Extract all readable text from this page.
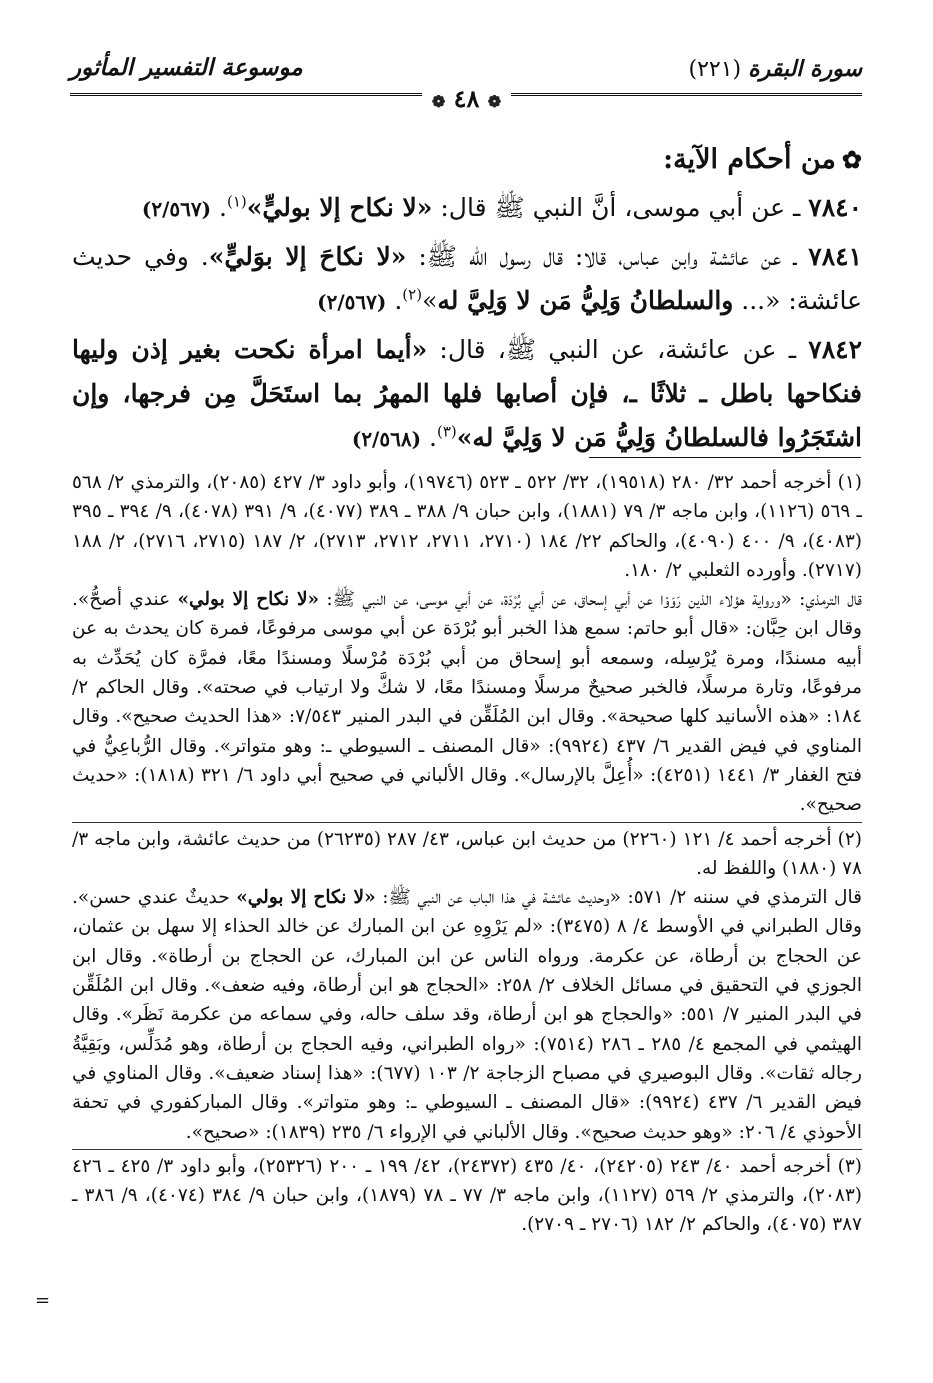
سورة البقرة (٢٢١)
موسوعة التفسير المأثور
❁ ٤٨ ❁
✿من أحكام الآية:

٧٨٤٠ ـ عن أبي موسى، أنَّ النبي ﷺ قال: «لا نكاح إلا بوليٍّ»$^{(١)}$. (٢/٥٦٧)

٧٨٤١ ـ عن عائشة وابن عباس، قالا: قال رسول الله ﷺ: «لا نكاحَ إلا بوَليٍّ». وفي حديث عائشة: «... والسلطانُ وَلِيُّ مَن لا وَلِيَّ له»$^{(٢)}$. (٢/٥٦٧)

٧٨٤٢ ـ عن عائشة، عن النبي ﷺ، قال: «أيما امرأة نكحت بغير إذن وليها فنكاحها باطل ـ ثلاثًا ـ، فإن أصابها فلها المهرُ بما استَحَلَّ مِن فرجها، وإن اشتَجَرُوا فالسلطانُ وَلِيُّ مَن لا وَلِيَّ له»$^{(٣)}$. (٢/٥٦٨)

(١) أخرجه أحمد ٣٢/ ٢٨٠ (١٩٥١٨)، ٣٢/ ٥٢٢ ـ ٥٢٣ (١٩٧٤٦)، وأبو داود ٣/ ٤٢٧ (٢٠٨٥)، والترمذي ٢/ ٥٦٨ ـ ٥٦٩ (١١٢٦)، وابن ماجه ٣/ ٧٩ (١٨٨١)، وابن حبان ٩/ ٣٨٨ ـ ٣٨٩ (٤٠٧٧)، ٩/ ٣٩١ (٤٠٧٨)، ٩/ ٣٩٤ ـ ٣٩٥ (٤٠٨٣)، ٩/ ٤٠٠ (٤٠٩٠)، والحاكم ٢٢/ ١٨٤ (٢٧١٠، ٢٧١١، ٢٧١٢، ٢٧١٣)، ٢/ ١٨٧ (٢٧١٥، ٢٧١٦)، ٢/ ١٨٨ (٢٧١٧). وأورده الثعلبي ٢/ ١٨٠.

قال الترمذي: «ورواية هؤلاء الذين رَوَوْا عن أبي إسحاق، عن أبي بُرْدَة، عن أبي موسى، عن النبي ﷺ: «لا نكاح إلا بولي» عندي أصحُّ». وقال ابن حِبَّان: «قال أبو حاتم: سمع هذا الخبر أبو بُرْدَة عن أبي موسى مرفوعًا، فمرة كان يحدث به عن أبيه مسندًا، ومرة يُرْسِله، وسمعه أبو إسحاق من أبي بُرْدَة مُرْسلًا ومسندًا معًا، فمرَّة كان يُحَدِّث به مرفوعًا، وتارة مرسلًا، فالخبر صحيحٌ مرسلًا ومسندًا معًا، لا شكَّ ولا ارتياب في صحته». وقال الحاكم ٢/ ١٨٤: «هذه الأسانيد كلها صحيحة». وقال ابن المُلَقِّن في البدر المنير ٧/٥٤٣: «هذا الحديث صحيح». وقال المناوي في فيض القدير ٦/ ٤٣٧ (٩٩٢٤): «قال المصنف ـ السيوطي ـ: وهو متواتر». وقال الرُّباعِيُّ في فتح الغفار ٣/ ١٤٤١ (٤٢٥١): «أُعِلَّ بالإرسال». وقال الألباني في صحيح أبي داود ٦/ ٣٢١ (١٨١٨): «حديث صحيح».

(٢) أخرجه أحمد ٤/ ١٢١ (٢٢٦٠) من حديث ابن عباس، ٤٣/ ٢٨٧ (٢٦٢٣٥) من حديث عائشة، وابن ماجه ٣/ ٧٨ (١٨٨٠) واللفظ له.

قال الترمذي في سننه ٢/ ٥٧١: «وحديث عائشة في هذا الباب عن النبي ﷺ: «لا نكاح إلا بولي» حديثٌ عندي حسن». وقال الطبراني في الأوسط ٤/ ٨ (٣٤٧٥): «لم يَرْوِهِ عن ابن المبارك عن خالد الحذاء إلا سهل بن عثمان، عن الحجاج بن أرطاة، عن عكرمة. ورواه الناس عن ابن المبارك، عن الحجاج بن أرطاة». وقال ابن الجوزي في التحقيق في مسائل الخلاف ٢/ ٢٥٨: «الحجاج هو ابن أرطاة، وفيه ضعف». وقال ابن المُلَقِّن في البدر المنير ٧/ ٥٥١: «والحجاج هو ابن أرطاة، وقد سلف حاله، وفي سماعه من عكرمة نَظَر». وقال الهيثمي في المجمع ٤/ ٢٨٥ ـ ٢٨٦ (٧٥١٤): «رواه الطبراني، وفيه الحجاج بن أرطاة، وهو مُدَلِّس، وبَقِيَّةُ رجاله ثقات». وقال البوصيري في مصباح الزجاجة ٢/ ١٠٣ (٦٧٧): «هذا إسناد ضعيف». وقال المناوي في فيض القدير ٦/ ٤٣٧ (٩٩٢٤): «قال المصنف ـ السيوطي ـ: وهو متواتر». وقال المباركفوري في تحفة الأحوذي ٤/ ٢٠٦: «وهو حديث صحيح». وقال الألباني في الإرواء ٦/ ٢٣٥ (١٨٣٩): «صحيح».

(٣) أخرجه أحمد ٤٠/ ٢٤٣ (٢٤٢٠٥)، ٤٠/ ٤٣٥ (٢٤٣٧٢)، ٤٢/ ١٩٩ ـ ٢٠٠ (٢٥٣٢٦)، وأبو داود ٣/ ٤٢٥ ـ ٤٢٦ (٢٠٨٣)، والترمذي ٢/ ٥٦٩ (١١٢٧)، وابن ماجه ٣/ ٧٧ ـ ٧٨ (١٨٧٩)، وابن حبان ٩/ ٣٨٤ (٤٠٧٤)، ٩/ ٣٨٦ ـ ٣٨٧ (٤٠٧٥)، والحاكم ٢/ ١٨٢ (٢٧٠٦ ـ ٢٧٠٩).

=
